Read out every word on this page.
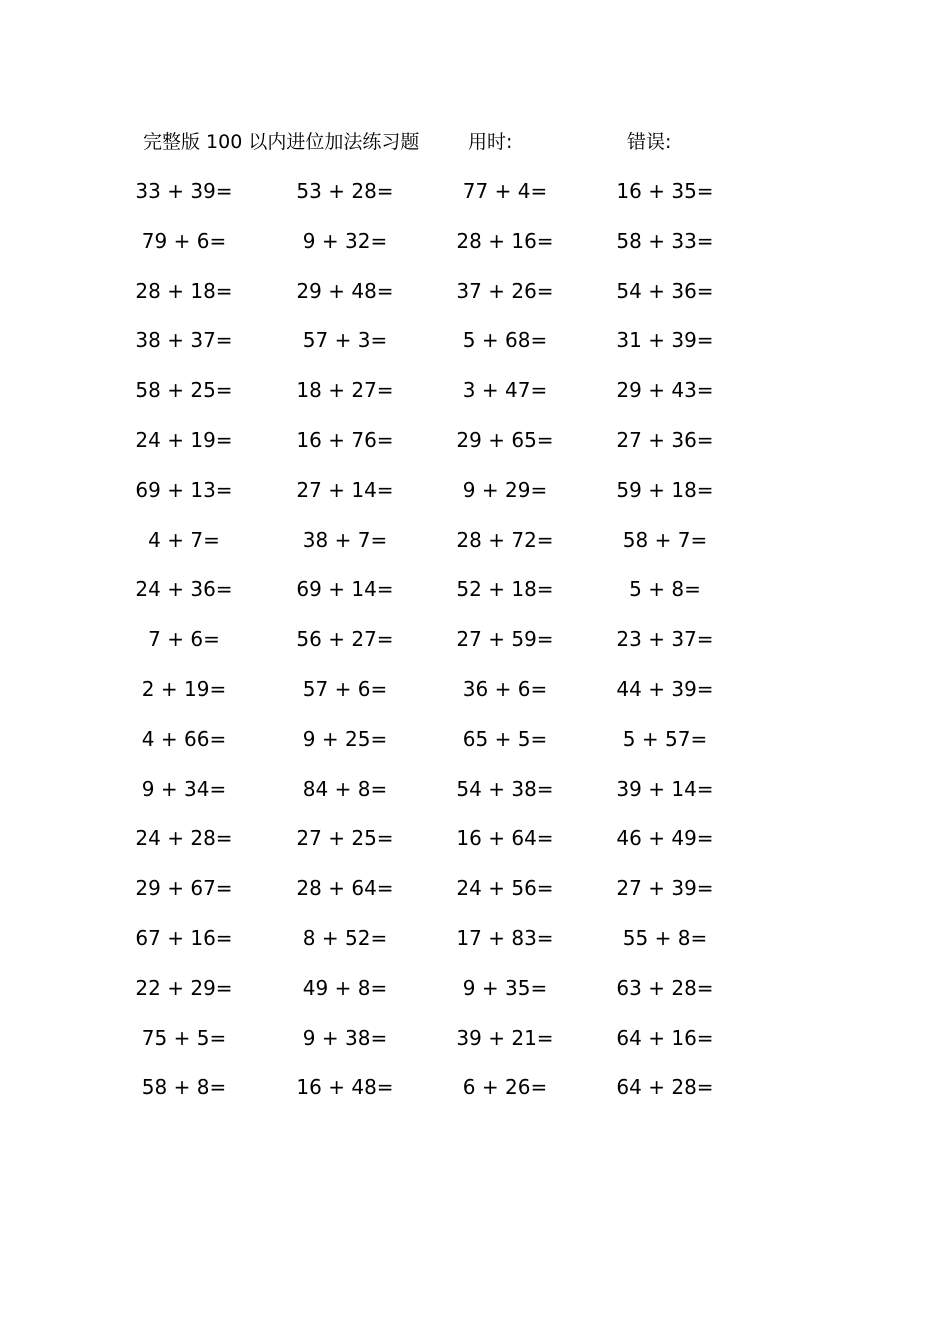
完整版 100 以内进位加法练习题	用时:	错误:
33 + 39=	53 + 28=	77 + 4=	16 + 35=
79 + 6=	9 + 32=	28 + 16=	58 + 33=
28 + 18=	29 + 48=	37 + 26=	54 + 36=
38 + 37=	57 + 3=	5 + 68=	31 + 39=
58 + 25=	18 + 27=	3 + 47=	29 + 43=
24 + 19=	16 + 76=	29 + 65=	27 + 36=
69 + 13=	27 + 14=	9 + 29=	59 + 18=
4 + 7=	38 + 7=	28 + 72=	58 + 7=
24 + 36=	69 + 14=	52 + 18=	5 + 8=
7 + 6=	56 + 27=	27 + 59=	23 + 37=
2 + 19=	57 + 6=	36 + 6=	44 + 39=
4 + 66=	9 + 25=	65 + 5=	5 + 57=
9 + 34=	84 + 8=	54 + 38=	39 + 14=
24 + 28=	27 + 25=	16 + 64=	46 + 49=
29 + 67=	28 + 64=	24 + 56=	27 + 39=
67 + 16=	8 + 52=	17 + 83=	55 + 8=
22 + 29=	49 + 8=	9 + 35=	63 + 28=
75 + 5=	9 + 38=	39 + 21=	64 + 16=
58 + 8=	16 + 48=	6 + 26=	64 + 28=
